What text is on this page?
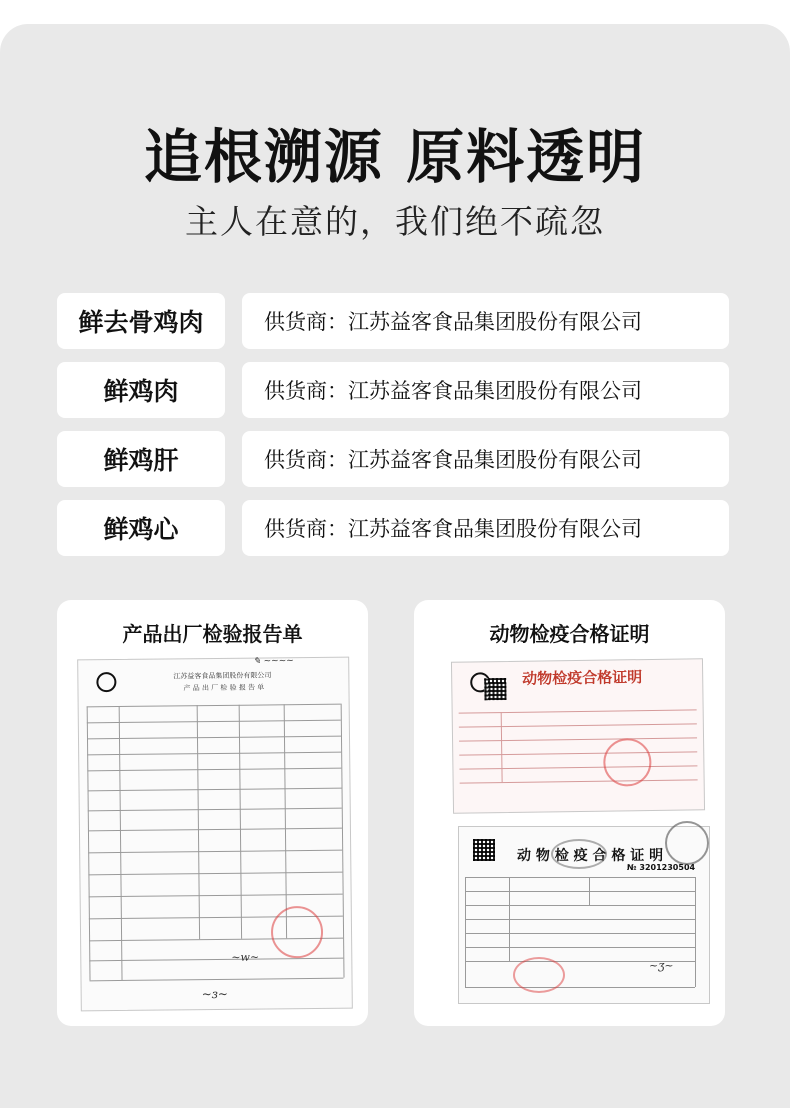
追根溯源 原料透明
主人在意的，我们绝不疏忽
鲜去骨鸡肉	供货商：江苏益客食品集团股份有限公司
鲜鸡肉	供货商：江苏益客食品集团股份有限公司
鲜鸡肝	供货商：江苏益客食品集团股份有限公司
鲜鸡心	供货商：江苏益客食品集团股份有限公司
产品出厂检验报告单
江苏益客食品集团股份有限公司
产 品 出 厂 检 验 报 告 单
✎ ~~~~
~w~
~ɜ~
动物检疫合格证明
动物检疫合格证明
动 物 检 疫 合 格 证 明
№ 3201230504
~ʒ~
